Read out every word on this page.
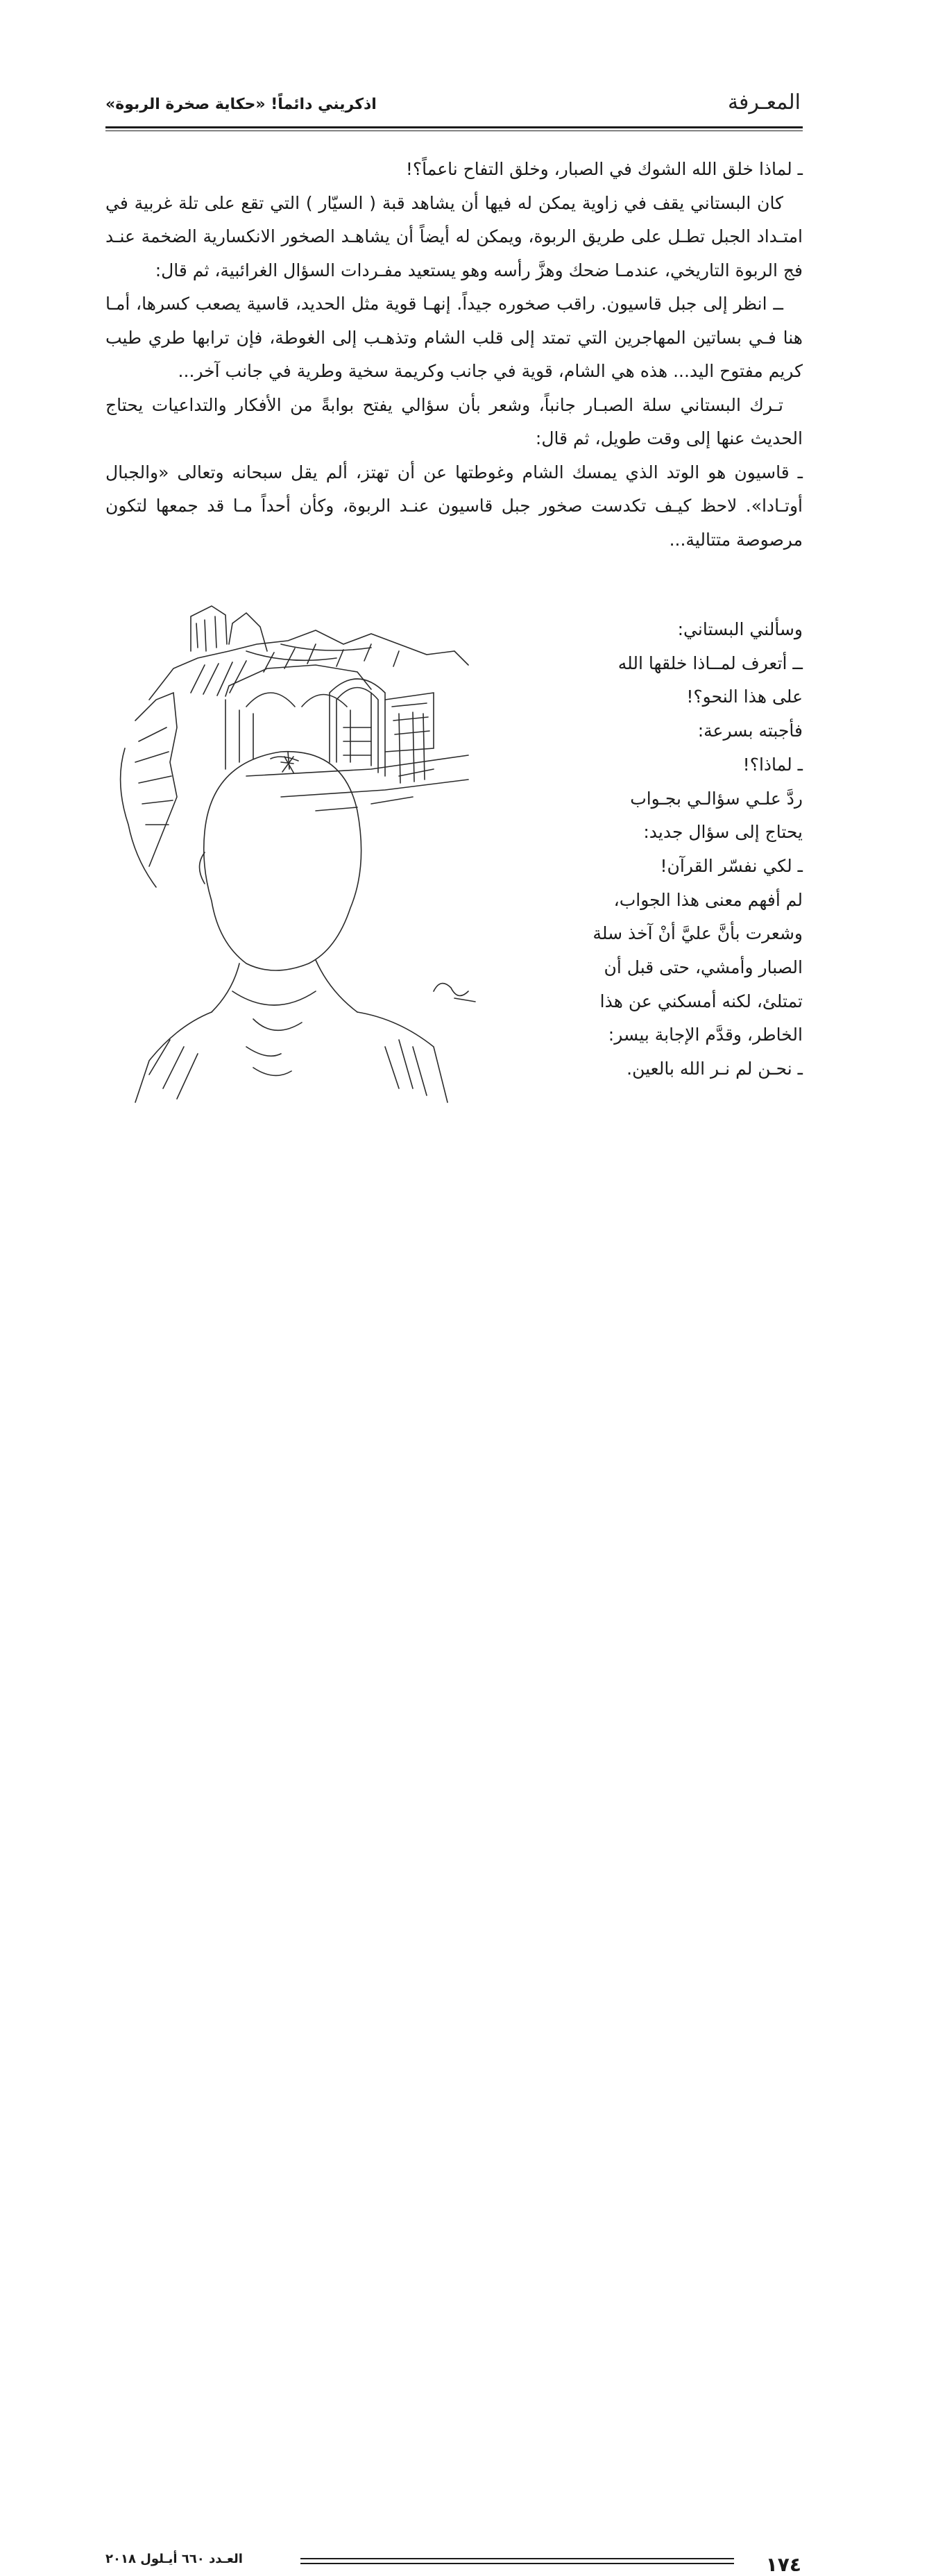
المعـرفة
اذكريني دائماً! «حكاية صخرة الربوة»

ـ لماذا خلق الله الشوك في الصبار، وخلق التفاح ناعماً؟!

كان البستاني يقف في زاوية يمكن له فيها أن يشاهد قبة ( السيّار ) التي تقع على تلة غربية في امتـداد الجبل تطـل على طريق الربوة، ويمكن له أيضاً أن يشاهـد الصخور الانكسارية الضخمة عنـد فج الربوة التاريخي، عندمـا ضحك وهزَّ رأسه وهو يستعيد مفـردات السؤال الغرائبية، ثم قال:

ــ انظر إلى جبل قاسيون. راقب صخوره جيداً. إنهـا قوية مثل الحديد، قاسية يصعب كسرها، أمـا هنا فـي بساتين المهاجرين التي تمتد إلى قلب الشام وتذهـب إلى الغوطة، فإن ترابها طري طيب كريم مفتوح اليد... هذه هي الشام، قوية في جانب وكريمة سخية وطرية في جانب آخر...

تـرك البستاني سلة الصبـار جانباً، وشعر بأن سؤالي يفتح بوابةً من الأفكار والتداعيات يحتاج الحديث عنها إلى وقت طويل، ثم قال:

ـ قاسيون هو الوتد الذي يمسك الشام وغوطتها عن أن تهتز، ألم يقل سبحانه وتعالى «والجبال أوتـادا». لاحظ كيـف تكدست صخور جبل قاسيون عنـد الربوة، وكأن أحداً مـا قد جمعها لتكون مرصوصة متتالية...

وسألني البستاني:

ــ أتعرف لمــاذا خلقها الله

على هذا النحو؟!

فأجبته بسرعة:

ـ لماذا؟!

ردَّ علـي سؤالـي بجـواب

يحتاج إلى سؤال جديد:

ـ لكي نفسّر القرآن!

لم أفهم معنى هذا الجواب،

وشعرت بأنَّ عليَّ أنْ آخذ سلة

الصبار وأمشي، حتى قبل أن

تمتلئ، لكنه أمسكني عن هذا

الخاطر، وقدَّم الإجابة بيسر:

ـ نحـن لم نـر الله بالعين.

١٧٤
العـدد ٦٦٠ أيـلول ٢٠١٨
